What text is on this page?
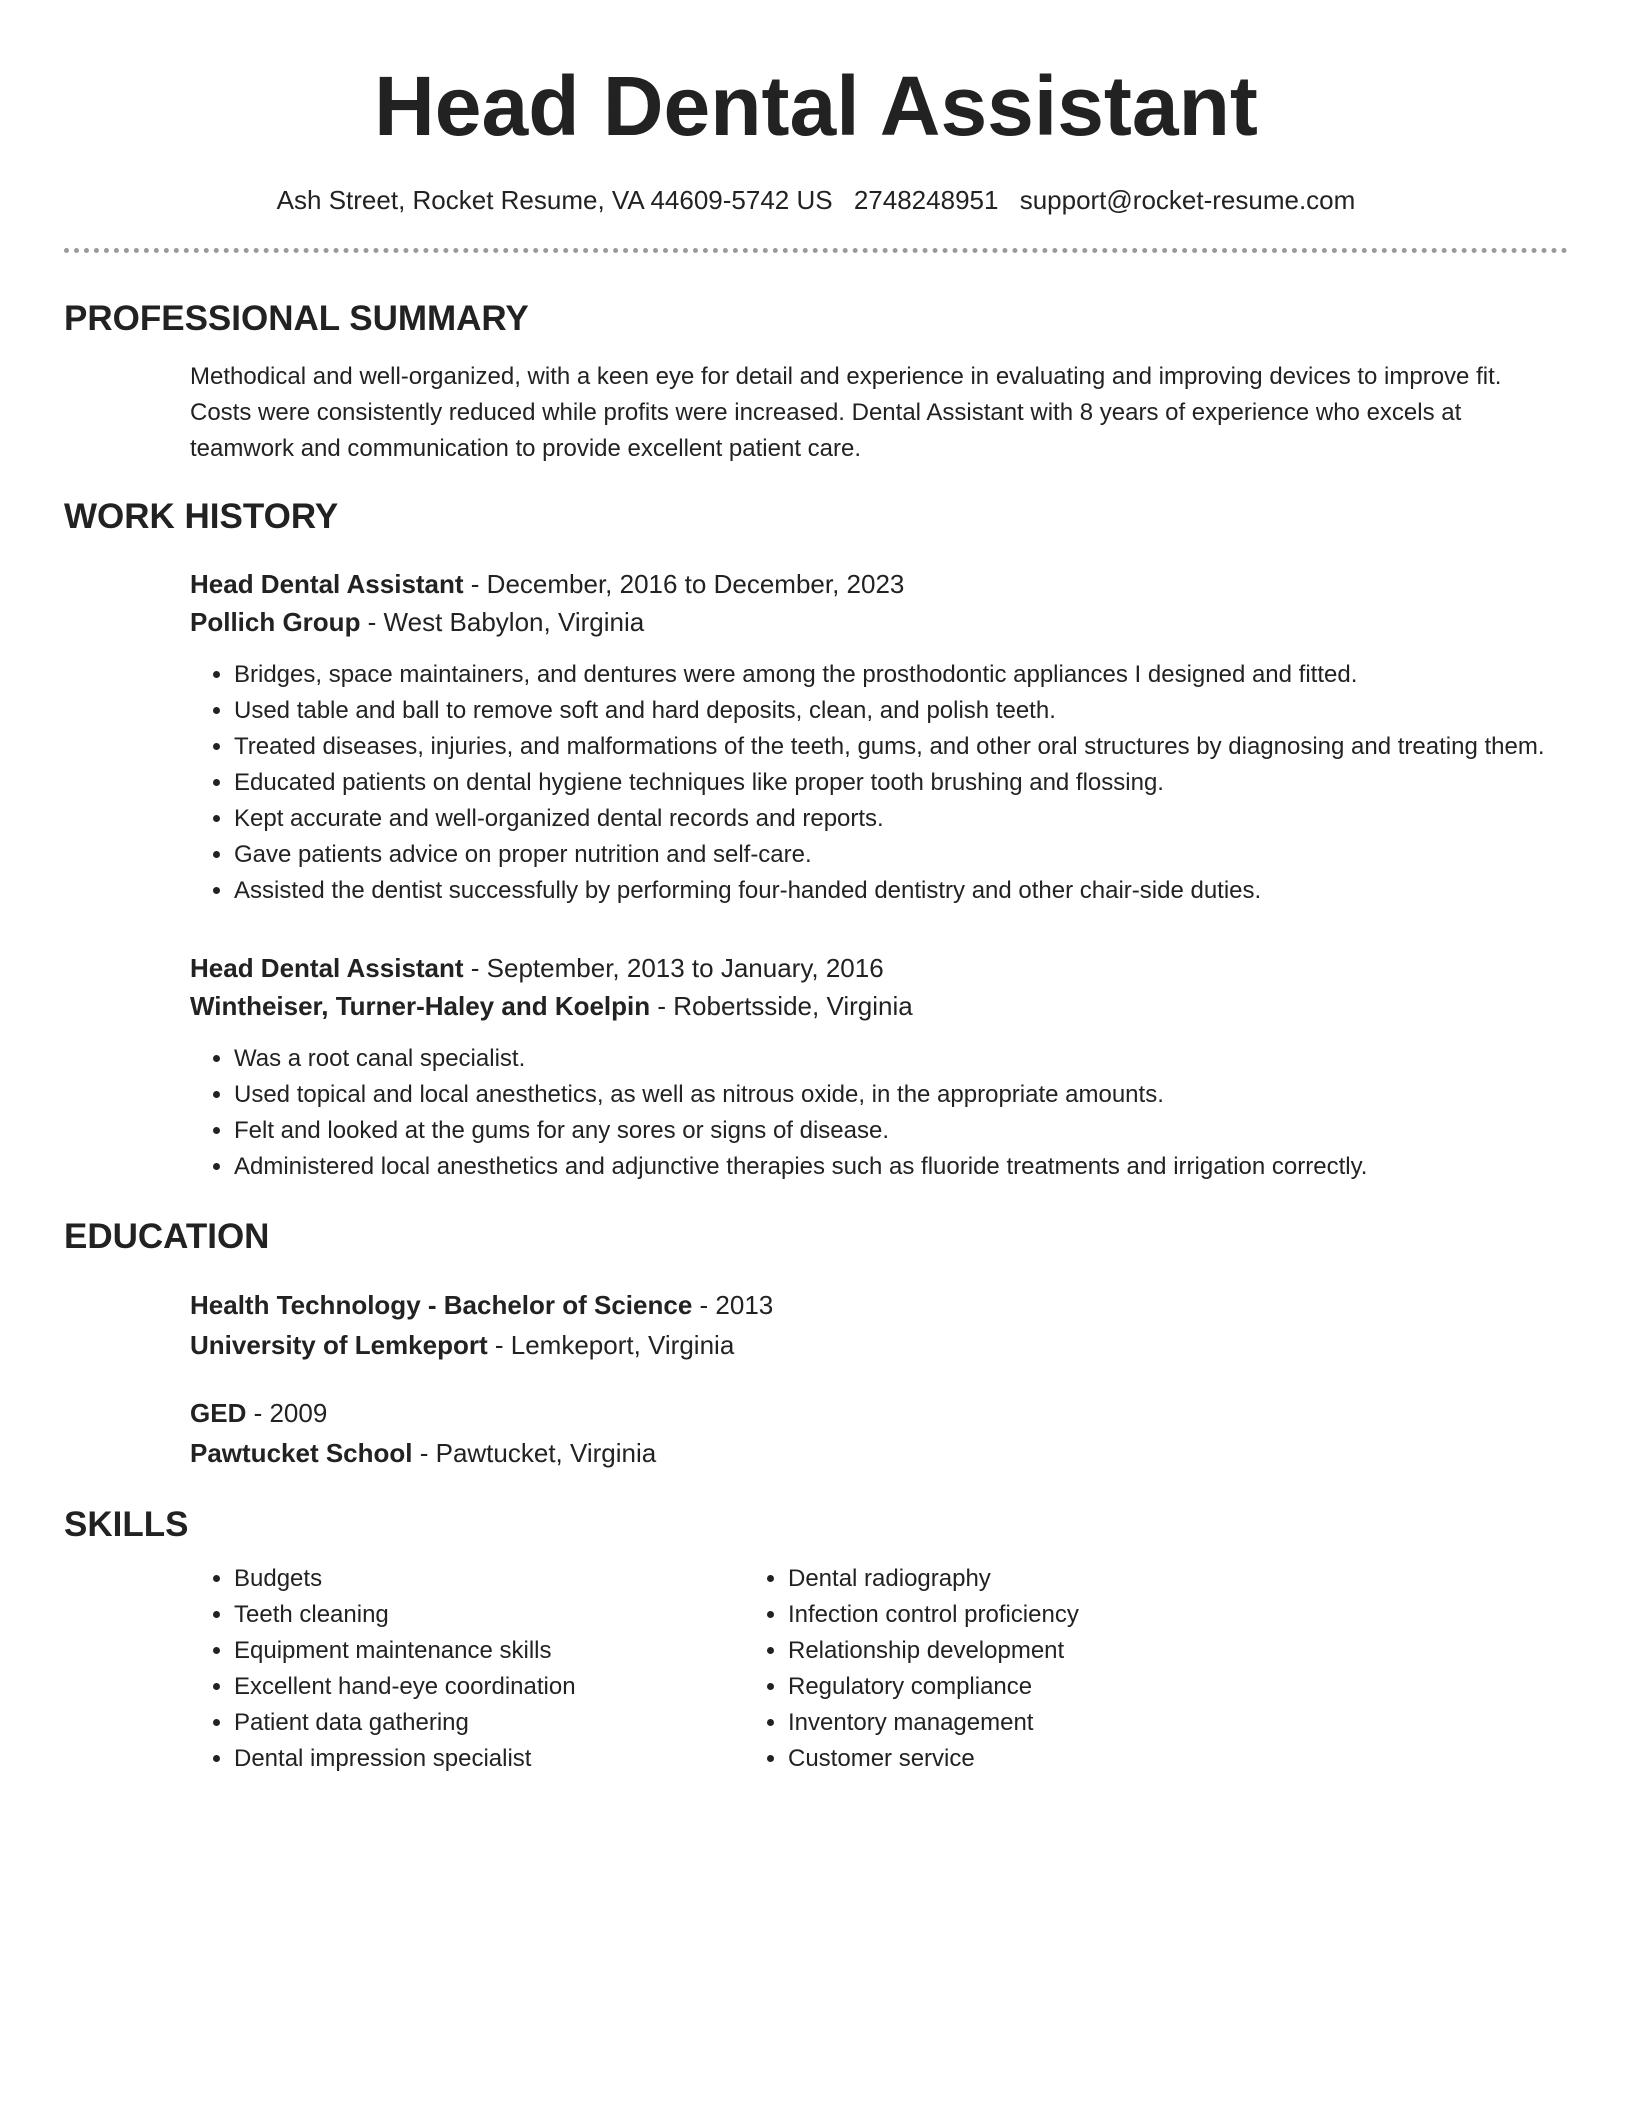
Head Dental Assistant
Ash Street, Rocket Resume, VA 44609-5742 US 2748248951 support@rocket-resume.com
PROFESSIONAL SUMMARY

Methodical and well-organized, with a keen eye for detail and experience in evaluating and improving devices to improve fit. Costs were consistently reduced while profits were increased. Dental Assistant with 8 years of experience who excels at teamwork and communication to provide excellent patient care.

WORK HISTORY
Head Dental Assistant - December, 2016 to December, 2023
Pollich Group - West Babylon, Virginia
• Bridges, space maintainers, and dentures were among the prosthodontic appliances I designed and fitted.
• Used table and ball to remove soft and hard deposits, clean, and polish teeth.
• Treated diseases, injuries, and malformations of the teeth, gums, and other oral structures by diagnosing and treating them.
• Educated patients on dental hygiene techniques like proper tooth brushing and flossing.
• Kept accurate and well-organized dental records and reports.
• Gave patients advice on proper nutrition and self-care.
• Assisted the dentist successfully by performing four-handed dentistry and other chair-side duties.
Head Dental Assistant - September, 2013 to January, 2016
Wintheiser, Turner-Haley and Koelpin - Robertsside, Virginia
• Was a root canal specialist.
• Used topical and local anesthetics, as well as nitrous oxide, in the appropriate amounts.
• Felt and looked at the gums for any sores or signs of disease.
• Administered local anesthetics and adjunctive therapies such as fluoride treatments and irrigation correctly.
EDUCATION
Health Technology - Bachelor of Science - 2013
University of Lemkeport - Lemkeport, Virginia
GED - 2009
Pawtucket School - Pawtucket, Virginia
SKILLS
• Budgets
• Teeth cleaning
• Equipment maintenance skills
• Excellent hand-eye coordination
• Patient data gathering
• Dental impression specialist
• Dental radiography
• Infection control proficiency
• Relationship development
• Regulatory compliance
• Inventory management
• Customer service
